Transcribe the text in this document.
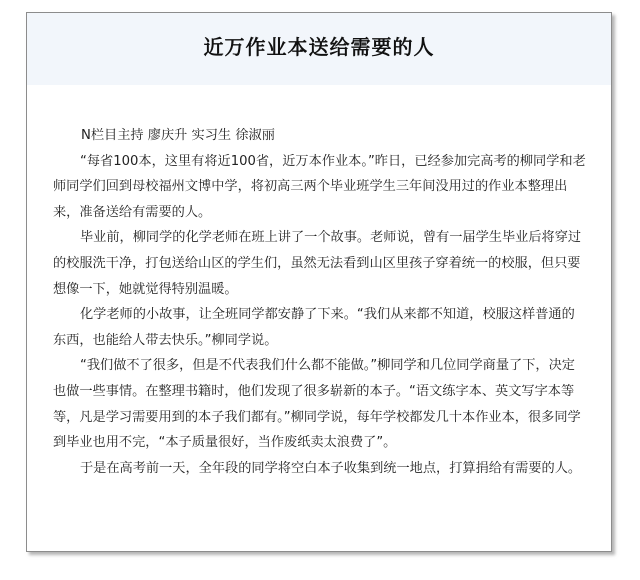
近万作业本送给需要的人

N栏目主持 廖庆升 实习生 徐淑丽

“每省100本，这里有将近100省，近万本作业本。”昨日，已经参加完高考的柳同学和老师同学们回到母校福州文博中学，将初高三两个毕业班学生三年间没用过的作业本整理出来，准备送给有需要的人。

毕业前，柳同学的化学老师在班上讲了一个故事。老师说，曾有一届学生毕业后将穿过的校服洗干净，打包送给山区的学生们，虽然无法看到山区里孩子穿着统一的校服，但只要想像一下，她就觉得特别温暖。

化学老师的小故事，让全班同学都安静了下来。“我们从来都不知道，校服这样普通的东西，也能给人带去快乐。”柳同学说。

“我们做不了很多，但是不代表我们什么都不能做。”柳同学和几位同学商量了下，决定也做一些事情。在整理书籍时，他们发现了很多崭新的本子。“语文练字本、英文写字本等等，凡是学习需要用到的本子我们都有。”柳同学说，每年学校都发几十本作业本，很多同学到毕业也用不完，“本子质量很好，当作废纸卖太浪费了”。

于是在高考前一天，全年段的同学将空白本子收集到统一地点，打算捐给有需要的人。
